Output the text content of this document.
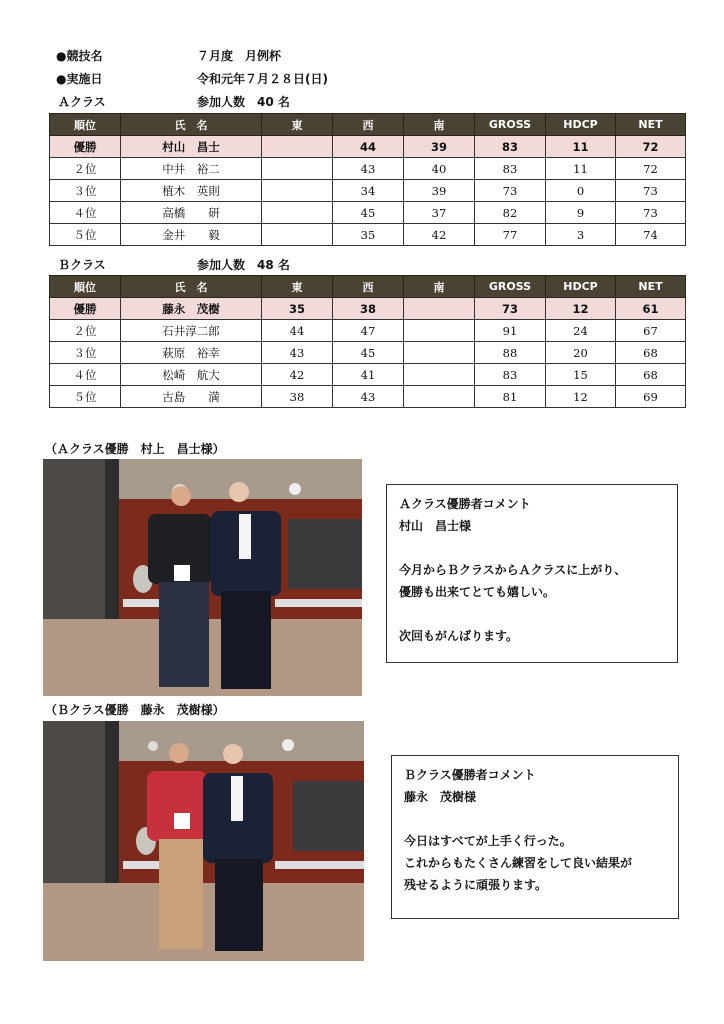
●競技名	７月度　月例杯
●実施日	令和元年７月２８日(日)
Ａクラス	参加人数　40 名
順位	氏　名	東	西	南	GROSS	HDCP	NET
優勝	村山　昌士		44	39	83	11	72
２位	中井　裕二		43	40	83	11	72
３位	植木　英則		34	39	73	0	73
４位	高橋　　研		45	37	82	9	73
５位	金井　　毅		35	42	77	3	74
Ｂクラス	参加人数　48 名
順位	氏　名	東	西	南	GROSS	HDCP	NET
優勝	藤永　茂樹	35	38		73	12	61
２位	石井淳二郎	44	47		91	24	67
３位	萩原　裕幸	43	45		88	20	68
４位	松崎　航大	42	41		83	15	68
５位	古島　　満	38	43		81	12	69
（Ａクラス優勝　村上　昌士様）
Ａクラス優勝者コメント
村山　昌士様
今月からＢクラスからＡクラスに上がり、
優勝も出来てとても嬉しい。
次回もがんばります。
（Ｂクラス優勝　藤永　茂樹様）
Ｂクラス優勝者コメント
藤永　茂樹様
今日はすべてが上手く行った。
これからもたくさん練習をして良い結果が
残せるように頑張ります。
